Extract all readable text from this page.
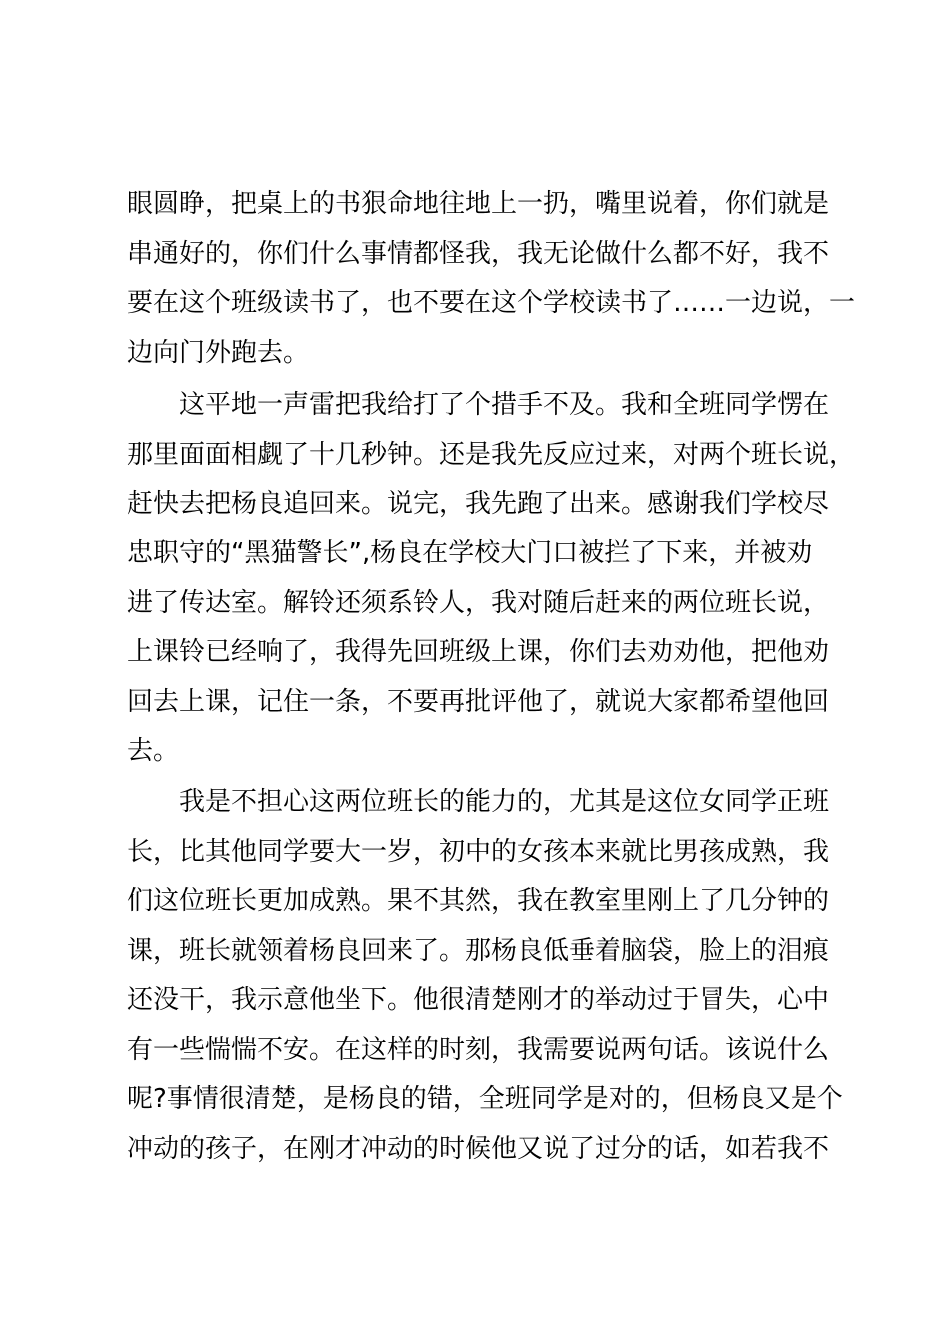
眼圆睁，把桌上的书狠命地往地上一扔，嘴里说着，你们就是
串通好的，你们什么事情都怪我，我无论做什么都不好，我不
要在这个班级读书了，也不要在这个学校读书了……一边说，一
边向门外跑去。
　　这平地一声雷把我给打了个措手不及。我和全班同学愣在
那里面面相觑了十几秒钟。还是我先反应过来，对两个班长说，
赶快去把杨良追回来。说完，我先跑了出来。感谢我们学校尽
忠职守的“黑猫警长”,杨良在学校大门口被拦了下来，并被劝
进了传达室。解铃还须系铃人，我对随后赶来的两位班长说，
上课铃已经响了，我得先回班级上课，你们去劝劝他，把他劝
回去上课，记住一条，不要再批评他了，就说大家都希望他回
去。
　　我是不担心这两位班长的能力的，尤其是这位女同学正班
长，比其他同学要大一岁，初中的女孩本来就比男孩成熟，我
们这位班长更加成熟。果不其然，我在教室里刚上了几分钟的
课，班长就领着杨良回来了。那杨良低垂着脑袋，脸上的泪痕
还没干，我示意他坐下。他很清楚刚才的举动过于冒失，心中
有一些惴惴不安。在这样的时刻，我需要说两句话。该说什么
呢?事情很清楚，是杨良的错，全班同学是对的，但杨良又是个
冲动的孩子，在刚才冲动的时候他又说了过分的话，如若我不
